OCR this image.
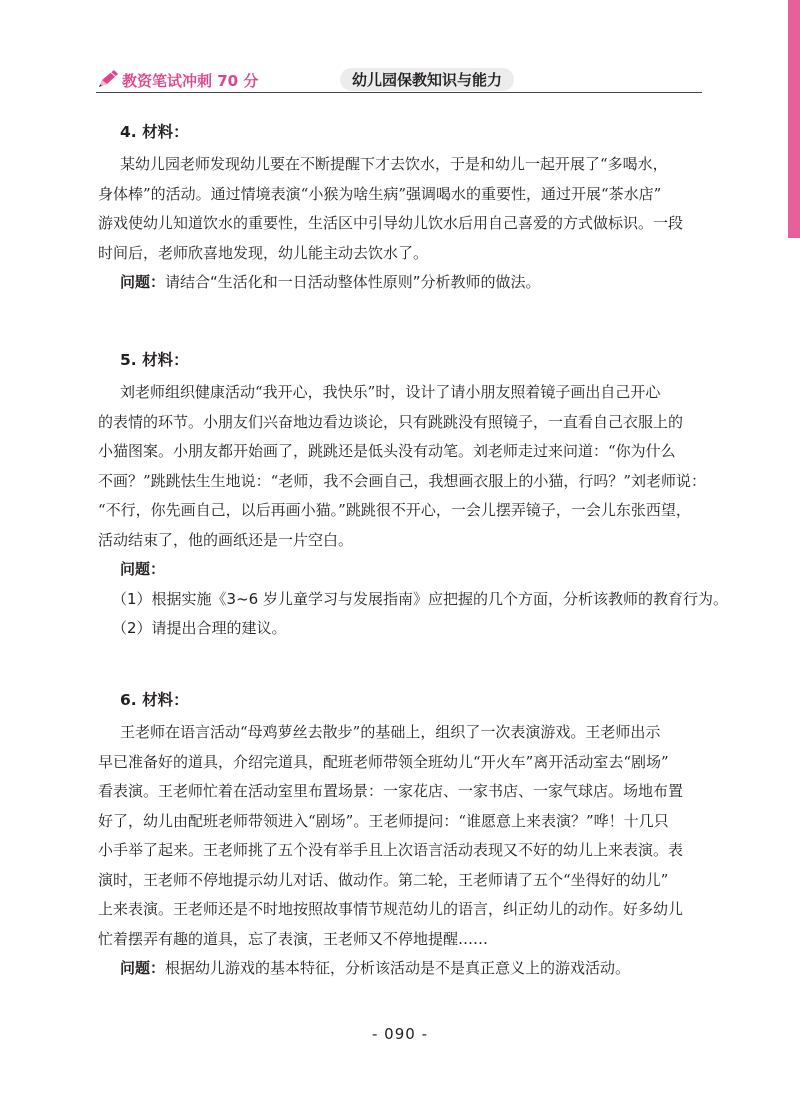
教资笔试冲刺 70 分	幼儿园保教知识与能力
4. 材料：

某幼儿园老师发现幼儿要在不断提醒下才去饮水，于是和幼儿一起开展了“多喝水，

身体棒”的活动。通过情境表演“小猴为啥生病”强调喝水的重要性，通过开展“茶水店”

游戏使幼儿知道饮水的重要性，生活区中引导幼儿饮水后用自己喜爱的方式做标识。一段

时间后，老师欣喜地发现，幼儿能主动去饮水了。

问题：请结合“生活化和一日活动整体性原则”分析教师的做法。

5. 材料：

刘老师组织健康活动“我开心，我快乐”时，设计了请小朋友照着镜子画出自己开心

的表情的环节。小朋友们兴奋地边看边谈论，只有跳跳没有照镜子，一直看自己衣服上的

小猫图案。小朋友都开始画了，跳跳还是低头没有动笔。刘老师走过来问道：“你为什么

不画？”跳跳怯生生地说：“老师，我不会画自己，我想画衣服上的小猫，行吗？”刘老师说：

“不行，你先画自己，以后再画小猫。”跳跳很不开心，一会儿摆弄镜子，一会儿东张西望，

活动结束了，他的画纸还是一片空白。

问题：

（1）根据实施《3~6 岁儿童学习与发展指南》应把握的几个方面，分析该教师的教育行为。

（2）请提出合理的建议。

6. 材料：

王老师在语言活动“母鸡萝丝去散步”的基础上，组织了一次表演游戏。王老师出示

早已准备好的道具，介绍完道具，配班老师带领全班幼儿“开火车”离开活动室去“剧场”

看表演。王老师忙着在活动室里布置场景：一家花店、一家书店、一家气球店。场地布置

好了，幼儿由配班老师带领进入“剧场”。王老师提问：“谁愿意上来表演？”哗！十几只

小手举了起来。王老师挑了五个没有举手且上次语言活动表现又不好的幼儿上来表演。表

演时，王老师不停地提示幼儿对话、做动作。第二轮，王老师请了五个“坐得好的幼儿”

上来表演。王老师还是不时地按照故事情节规范幼儿的语言，纠正幼儿的动作。好多幼儿

忙着摆弄有趣的道具，忘了表演，王老师又不停地提醒……

问题：根据幼儿游戏的基本特征，分析该活动是不是真正意义上的游戏活动。

- 090 -
